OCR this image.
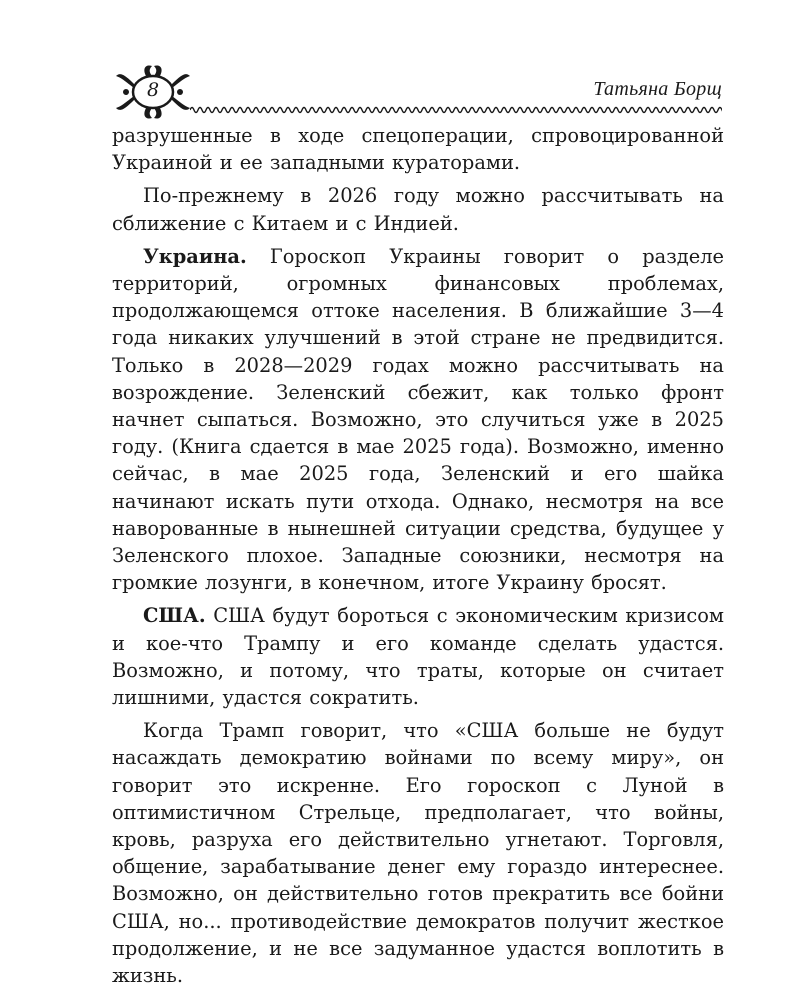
8	Татьяна Борщ

разрушенные в ходе спецоперации, спровоцированной Украиной и ее западными кураторами.

По-прежнему в 2026 году можно рассчитывать на сближение с Китаем и с Индией.

Украина. Гороскоп Украины говорит о разделе территорий, огромных финансовых проблемах, продолжающемся оттоке населения. В ближайшие 3—4 года никаких улучшений в этой стране не предвидится. Только в 2028—2029 годах можно рассчитывать на возрождение. Зеленский сбежит, как только фронт начнет сыпаться. Возможно, это случиться уже в 2025 году. (Книга сдается в мае 2025 года). Возможно, именно сейчас, в мае 2025 года, Зеленский и его шайка начинают искать пути отхода. Однако, несмотря на все наворованные в нынешней ситуации средства, будущее у Зеленского плохое. Западные союзники, несмотря на громкие лозунги, в конечном, итоге Украину бросят.

США. США будут бороться с экономическим кризисом и кое-что Трампу и его команде сделать удастся. Возможно, и потому, что траты, которые он считает лишними, удастся сократить.

Когда Трамп говорит, что «США больше не будут насаждать демократию войнами по всему миру», он говорит это искренне. Его гороскоп с Луной в оптимистичном Стрельце, предполагает, что войны, кровь, разруха его действительно угнетают. Торговля, общение, зарабатывание денег ему гораздо интереснее. Возможно, он действительно готов прекратить все бойни США, но... противодействие демократов получит жесткое продолжение, и не все задуманное удастся воплотить в жизнь.
